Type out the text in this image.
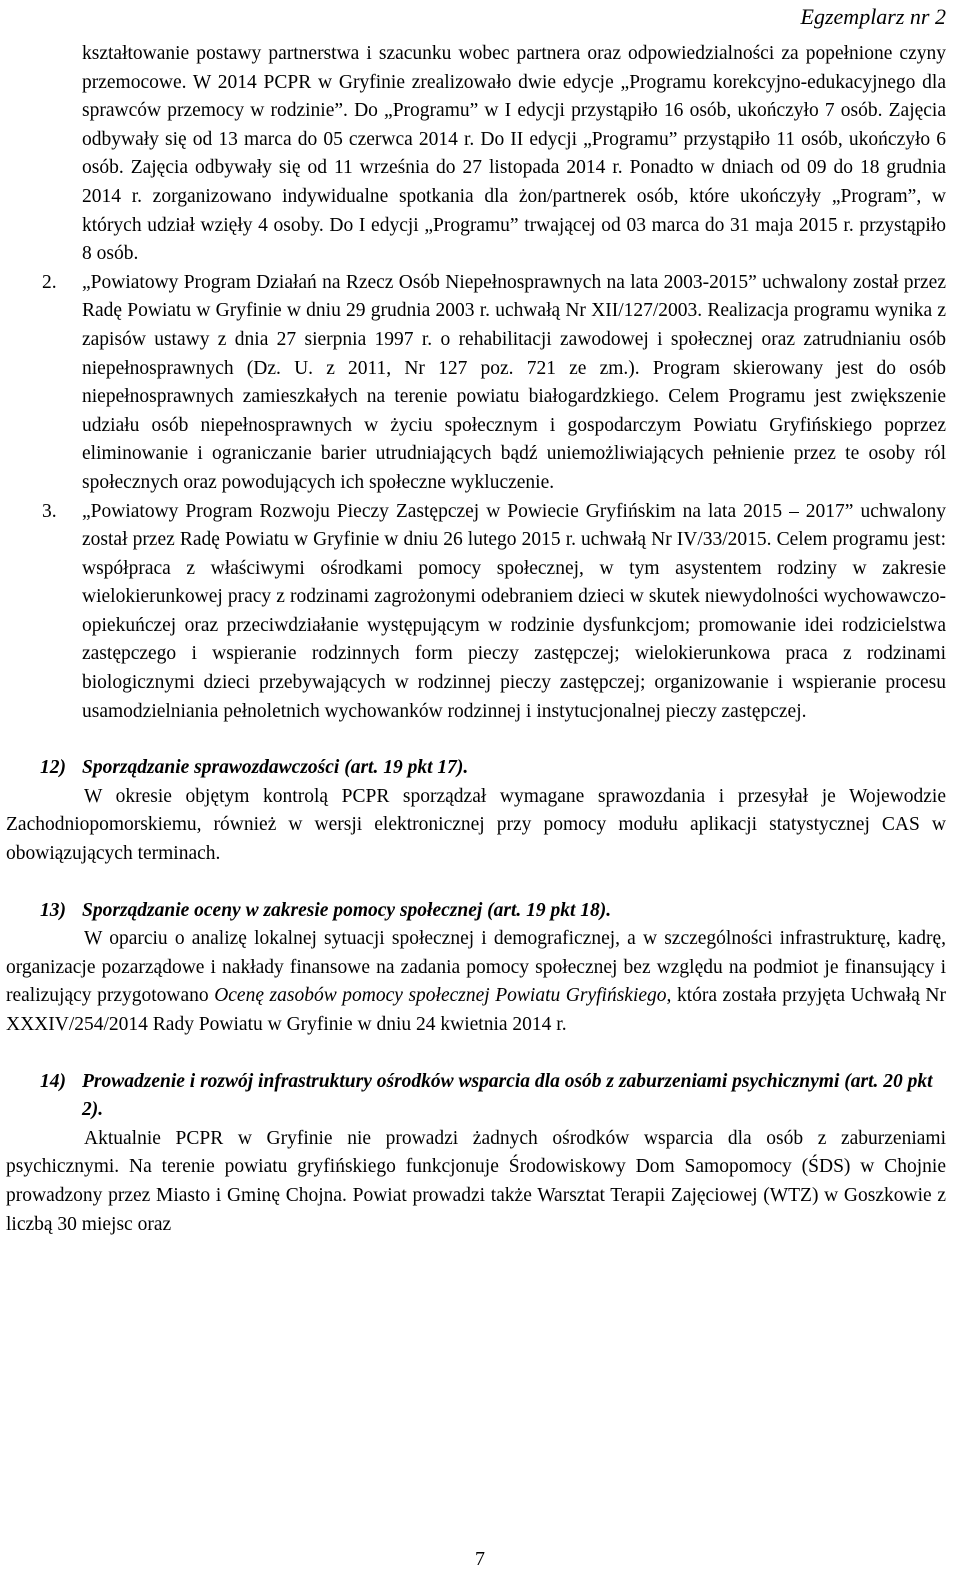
Egzemplarz nr 2

kształtowanie postawy partnerstwa i szacunku wobec partnera oraz odpowiedzialności za popełnione czyny przemocowe. W 2014 PCPR w Gryfinie zrealizowało dwie edycje „Programu korekcyjno-edukacyjnego dla sprawców przemocy w rodzinie”. Do „Programu” w I edycji przystąpiło 16 osób, ukończyło 7 osób. Zajęcia odbywały się od 13 marca do 05 czerwca 2014 r. Do II edycji „Programu” przystąpiło 11 osób, ukończyło 6 osób. Zajęcia odbywały się od 11 września do 27 listopada 2014 r. Ponadto w dniach od 09 do 18 grudnia 2014 r. zorganizowano indywidualne spotkania dla żon/partnerek osób, które ukończyły „Program”, w których udział wzięły 4 osoby. Do I edycji „Programu” trwającej od 03 marca do 31 maja 2015 r. przystąpiło 8 osób.

2. „Powiatowy Program Działań na Rzecz Osób Niepełnosprawnych na lata 2003-2015” uchwalony został przez Radę Powiatu w Gryfinie w dniu 29 grudnia 2003 r. uchwałą Nr XII/127/2003. Realizacja programu wynika z zapisów ustawy z dnia 27 sierpnia 1997 r. o rehabilitacji zawodowej i społecznej oraz zatrudnianiu osób niepełnosprawnych (Dz. U. z 2011, Nr 127 poz. 721 ze zm.). Program skierowany jest do osób niepełnosprawnych zamieszkałych na terenie powiatu białogardzkiego. Celem Programu jest zwiększenie udziału osób niepełnosprawnych w życiu społecznym i gospodarczym Powiatu Gryfińskiego poprzez eliminowanie i ograniczanie barier utrudniających bądź uniemożliwiających pełnienie przez te osoby ról społecznych oraz powodujących ich społeczne wykluczenie.

3. „Powiatowy Program Rozwoju Pieczy Zastępczej w Powiecie Gryfińskim na lata 2015 – 2017” uchwalony został przez Radę Powiatu w Gryfinie w dniu 26 lutego 2015 r. uchwałą Nr IV/33/2015. Celem programu jest: współpraca z właściwymi ośrodkami pomocy społecznej, w tym asystentem rodziny w zakresie wielokierunkowej pracy z rodzinami zagrożonymi odebraniem dzieci w skutek niewydolności wychowawczo-opiekuńczej oraz przeciwdziałanie występującym w rodzinie dysfunkcjom; promowanie idei rodzicielstwa zastępczego i wspieranie rodzinnych form pieczy zastępczej; wielokierunkowa praca z rodzinami biologicznymi dzieci przebywających w rodzinnej pieczy zastępczej; organizowanie i wspieranie procesu usamodzielniania pełnoletnich wychowanków rodzinnej i instytucjonalnej pieczy zastępczej.

12) Sporządzanie sprawozdawczości (art. 19 pkt 17).

W okresie objętym kontrolą PCPR sporządzał wymagane sprawozdania i przesyłał je Wojewodzie Zachodniopomorskiemu, również w wersji elektronicznej przy pomocy modułu aplikacji statystycznej CAS w obowiązujących terminach.

13) Sporządzanie oceny w zakresie pomocy społecznej (art. 19 pkt 18).

W oparciu o analizę lokalnej sytuacji społecznej i demograficznej, a w szczególności infrastrukturę, kadrę, organizacje pozarządowe i nakłady finansowe na zadania pomocy społecznej bez względu na podmiot je finansujący i realizujący przygotowano Ocenę zasobów pomocy społecznej Powiatu Gryfińskiego, która została przyjęta Uchwałą Nr XXXIV/254/2014 Rady Powiatu w Gryfinie w dniu 24 kwietnia 2014 r.

14) Prowadzenie i rozwój infrastruktury ośrodków wsparcia dla osób z zaburzeniami psychicznymi (art. 20 pkt 2).

Aktualnie PCPR w Gryfinie nie prowadzi żadnych ośrodków wsparcia dla osób z zaburzeniami psychicznymi. Na terenie powiatu gryfińskiego funkcjonuje Środowiskowy Dom Samopomocy (ŚDS) w Chojnie prowadzony przez Miasto i Gminę Chojna. Powiat prowadzi także Warsztat Terapii Zajęciowej (WTZ) w Goszkowie z liczbą 30 miejsc oraz

7
